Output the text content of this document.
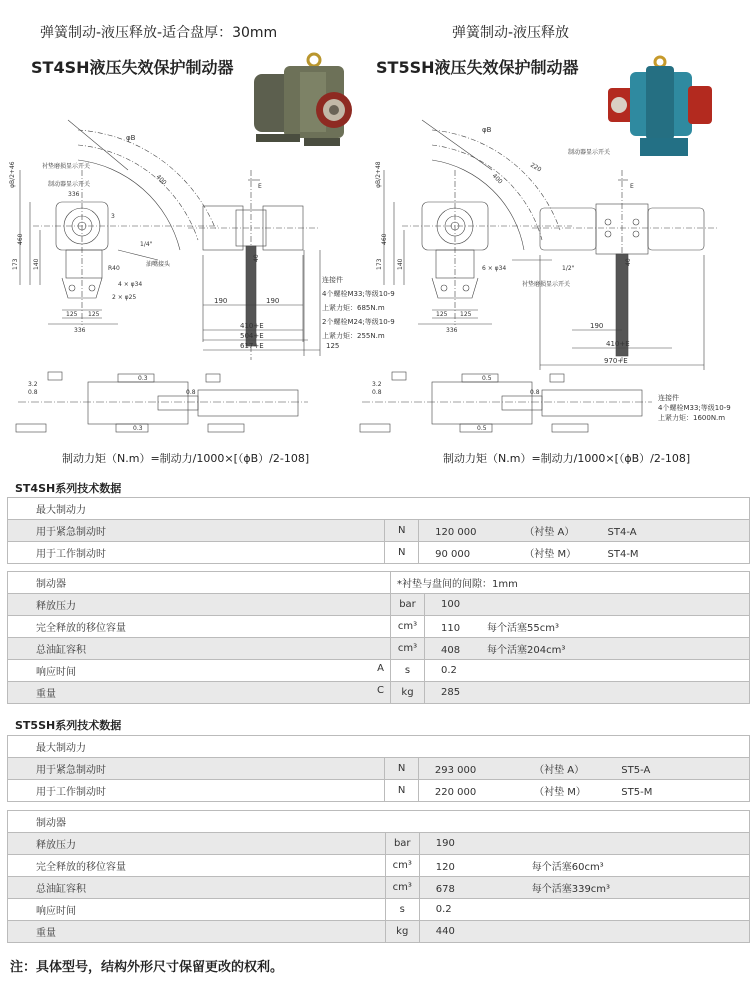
弹簧制动-液压释放-适合盘厚：30mm
ST4SH液压失效保护制动器
弹簧制动-液压释放
ST5SH液压失效保护制动器
φB
φB/2+46	衬垫磨损显示开关
制动器显示开关
336
3
400
460
173 140	R40
4 × φ34
2 × φ25
125 125
336
1/4"
油嘴接头
E
40
190	190
410+E
504+E
617+E	125
连接件
4个螺栓M33;等级10-9
上紧力矩：685N.m
2个螺栓M24;等级10-9
上紧力矩：255N.m
φB
φB/2+48
制动器显示开关
220
400
460
173 140	6 × φ34
125 125
336
1/2"
衬垫磨损显示开关
E
40
190
410+E
970+E
3.2
0.8
0.3
0.3
0.8
3.2
0.8
0.5
0.5
0.8
连接件
4个螺栓M33;等级10-9
上紧力矩：1600N.m
制动力矩（N.m）=制动力/1000×[（ϕB）/2-108]	制动力矩（N.m）=制动力/1000×[（ϕB）/2-108]
ST4SH系列技术数据
最大制动力		
用于紧急制动时	N	120 000 （衬垫 A） ST4-A
用于工作制动时	N	90 000 （衬垫 M） ST4-M
制动器	*衬垫与盘间的间隙：1mm	
释放压力	bar	100
完全释放的移位容量	cm³	110 每个活塞55cm³
总油缸容积	cm³	408 每个活塞204cm³
响应时间 A	s	0.2
重量 C	kg	285
ST5SH系列技术数据
最大制动力		
用于紧急制动时	N	293 000 （衬垫 A） ST5-A
用于工作制动时	N	220 000 （衬垫 M） ST5-M
制动器		
释放压力	bar	190
完全释放的移位容量	cm³	120 每个活塞60cm³
总油缸容积	cm³	678 每个活塞339cm³
响应时间	s	0.2
重量	kg	440
注：具体型号，结构外形尺寸保留更改的权利。
